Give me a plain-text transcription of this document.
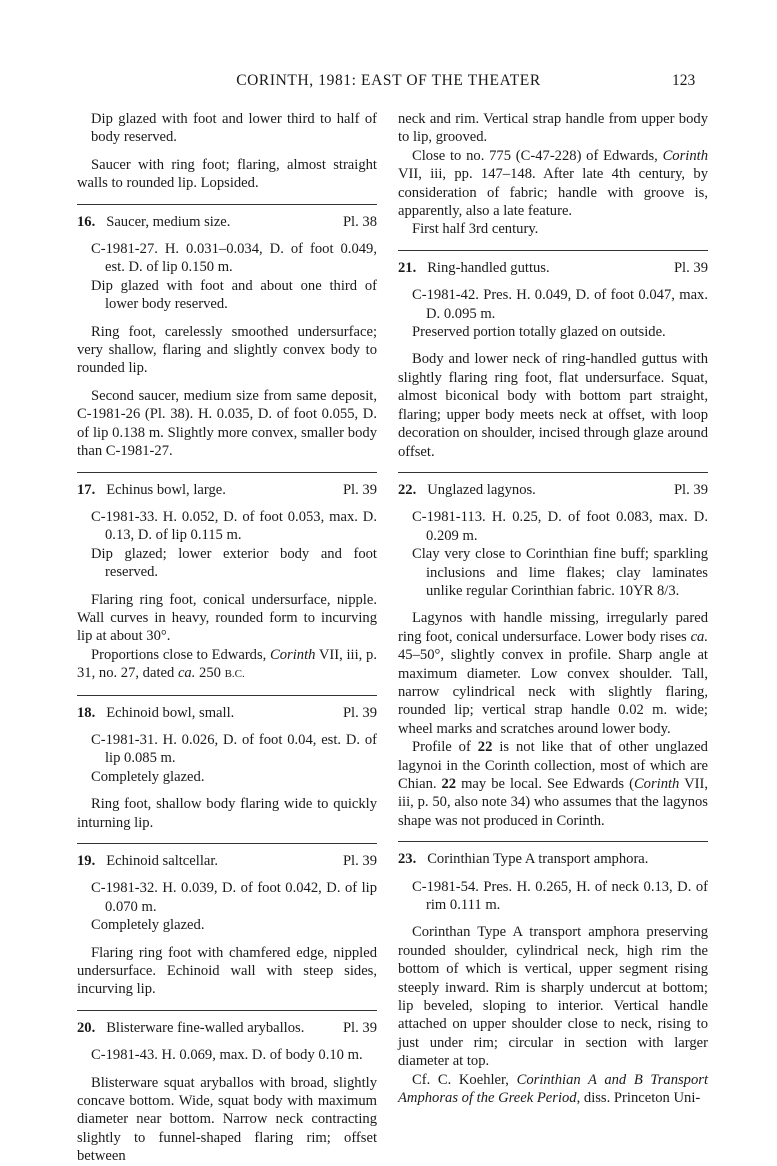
CORINTH, 1981: EAST OF THE THEATER	123

Dip glazed with foot and lower third to half of body reserved.

Saucer with ring foot; flaring, almost straight walls to rounded lip. Lopsided.

16. Saucer, medium size.	Pl. 38

C-1981-27. H. 0.031–0.034, D. of foot 0.049, est. D. of lip 0.150 m.

Dip glazed with foot and about one third of lower body reserved.

Ring foot, carelessly smoothed undersurface; very shallow, flaring and slightly convex body to rounded lip.

Second saucer, medium size from same deposit, C-1981-26 (Pl. 38). H. 0.035, D. of foot 0.055, D. of lip 0.138 m. Slightly more convex, smaller body than C-1981-27.

17. Echinus bowl, large.	Pl. 39

C-1981-33. H. 0.052, D. of foot 0.053, max. D. 0.13, D. of lip 0.115 m.

Dip glazed; lower exterior body and foot reserved.

Flaring ring foot, conical undersurface, nipple. Wall curves in heavy, rounded form to incurving lip at about 30°.

Proportions close to Edwards, Corinth VII, iii, p. 31, no. 27, dated ca. 250 B.C.

18. Echinoid bowl, small.	Pl. 39

C-1981-31. H. 0.026, D. of foot 0.04, est. D. of lip 0.085 m.

Completely glazed.

Ring foot, shallow body flaring wide to quickly inturning lip.

19. Echinoid saltcellar.	Pl. 39

C-1981-32. H. 0.039, D. of foot 0.042, D. of lip 0.070 m.

Completely glazed.

Flaring ring foot with chamfered edge, nippled undersurface. Echinoid wall with steep sides, incurving lip.

20. Blisterware fine-walled aryballos.	Pl. 39

C-1981-43. H. 0.069, max. D. of body 0.10 m.

Blisterware squat aryballos with broad, slightly concave bottom. Wide, squat body with maximum diameter near bottom. Narrow neck contracting slightly to funnel-shaped flaring rim; offset between

neck and rim. Vertical strap handle from upper body to lip, grooved.

Close to no. 775 (C-47-228) of Edwards, Corinth VII, iii, pp. 147–148. After late 4th century, by consideration of fabric; handle with groove is, apparently, also a late feature.

First half 3rd century.

21. Ring-handled guttus.	Pl. 39

C-1981-42. Pres. H. 0.049, D. of foot 0.047, max. D. 0.095 m.

Preserved portion totally glazed on outside.

Body and lower neck of ring-handled guttus with slightly flaring ring foot, flat undersurface. Squat, almost biconical body with bottom part straight, flaring; upper body meets neck at offset, with loop decoration on shoulder, incised through glaze around offset.

22. Unglazed lagynos.	Pl. 39

C-1981-113. H. 0.25, D. of foot 0.083, max. D. 0.209 m.

Clay very close to Corinthian fine buff; sparkling inclusions and lime flakes; clay laminates unlike regular Corinthian fabric. 10YR 8/3.

Lagynos with handle missing, irregularly pared ring foot, conical undersurface. Lower body rises ca. 45–50°, slightly convex in profile. Sharp angle at maximum diameter. Low convex shoulder. Tall, narrow cylindrical neck with slightly flaring, rounded lip; vertical strap handle 0.02 m. wide; wheel marks and scratches around lower body.

Profile of 22 is not like that of other unglazed lagynoi in the Corinth collection, most of which are Chian. 22 may be local. See Edwards (Corinth VII, iii, p. 50, also note 34) who assumes that the lagynos shape was not produced in Corinth.

23. Corinthian Type A transport amphora.

C-1981-54. Pres. H. 0.265, H. of neck 0.13, D. of rim 0.111 m.

Corinthan Type A transport amphora preserving rounded shoulder, cylindrical neck, high rim the bottom of which is vertical, upper segment rising steeply inward. Rim is sharply undercut at bottom; lip beveled, sloping to interior. Vertical handle attached on upper shoulder close to neck, rising to just under rim; circular in section with larger diameter at top.

Cf. C. Koehler, Corinthian A and B Transport Amphoras of the Greek Period, diss. Princeton Uni-
